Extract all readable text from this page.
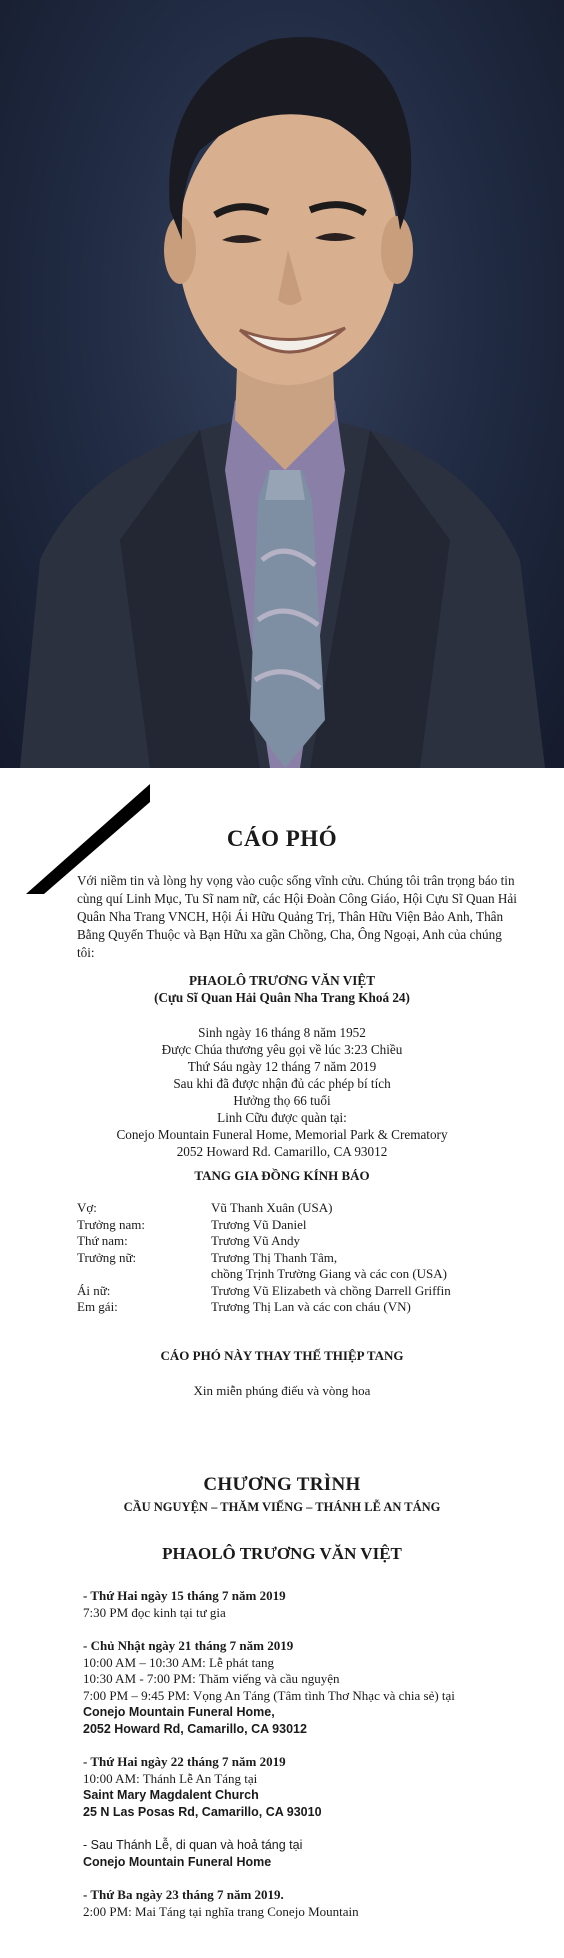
CÁO PHÓ
Với niềm tin và lòng hy vọng vào cuộc sống vĩnh cửu. Chúng tôi trân trọng báo tin cùng quí Linh Mục, Tu Sĩ nam nữ, các Hội Đoàn Công Giáo, Hội Cựu Sĩ Quan Hải Quân Nha Trang VNCH, Hội Ái Hữu Quảng Trị, Thân Hữu Viện Bảo Anh, Thân Bằng Quyến Thuộc và Bạn Hữu xa gần Chồng, Cha, Ông Ngoại, Anh của chúng tôi:
PHAOLÔ TRƯƠNG VĂN VIỆT
(Cựu Sĩ Quan Hải Quân Nha Trang Khoá 24)
Sinh ngày 16 tháng 8 năm 1952
Được Chúa thương yêu gọi về lúc 3:23 Chiều
Thứ Sáu ngày 12 tháng 7 năm 2019
Sau khi đã được nhận đủ các phép bí tích
Hưởng thọ 66 tuổi
Linh Cữu được quàn tại:
Conejo Mountain Funeral Home, Memorial Park & Crematory
2052 Howard Rd. Camarillo, CA 93012
TANG GIA ĐỒNG KÍNH BÁO
Vợ:	Vũ Thanh Xuân (USA)
Trưởng nam:	Trương Vũ Daniel
Thứ nam:	Trương Vũ Andy
Trưởng nữ:	Trương Thị Thanh Tâm,
chồng Trịnh Trường Giang và các con (USA)
Ái nữ:	Trương Vũ Elizabeth và chồng Darrell Griffin
Em gái:	Trương Thị Lan và các con cháu (VN)
CÁO PHÓ NÀY THAY THẾ THIỆP TANG
Xin miễn phúng điếu và vòng hoa
CHƯƠNG TRÌNH
CẦU NGUYỆN – THĂM VIẾNG – THÁNH LỄ AN TÁNG
PHAOLÔ TRƯƠNG VĂN VIỆT
- Thứ Hai ngày 15 tháng 7 năm 2019
7:30 PM đọc kinh tại tư gia
- Chủ Nhật ngày 21 tháng 7 năm 2019
10:00 AM – 10:30 AM: Lễ phát tang
10:30 AM - 7:00 PM: Thăm viếng và cầu nguyện
7:00 PM – 9:45 PM: Vọng An Táng (Tâm tình Thơ Nhạc và chia sẻ) tại
Conejo Mountain Funeral Home,
2052 Howard Rd, Camarillo, CA 93012
- Thứ Hai ngày 22 tháng 7 năm 2019
10:00 AM: Thánh Lễ An Táng tại
Saint Mary Magdalent Church
25 N Las Posas Rd, Camarillo, CA 93010
- Sau Thánh Lễ, di quan và hoả táng tại
Conejo Mountain Funeral Home
- Thứ Ba ngày 23 tháng 7 năm 2019.
2:00 PM: Mai Táng tại nghĩa trang Conejo Mountain
